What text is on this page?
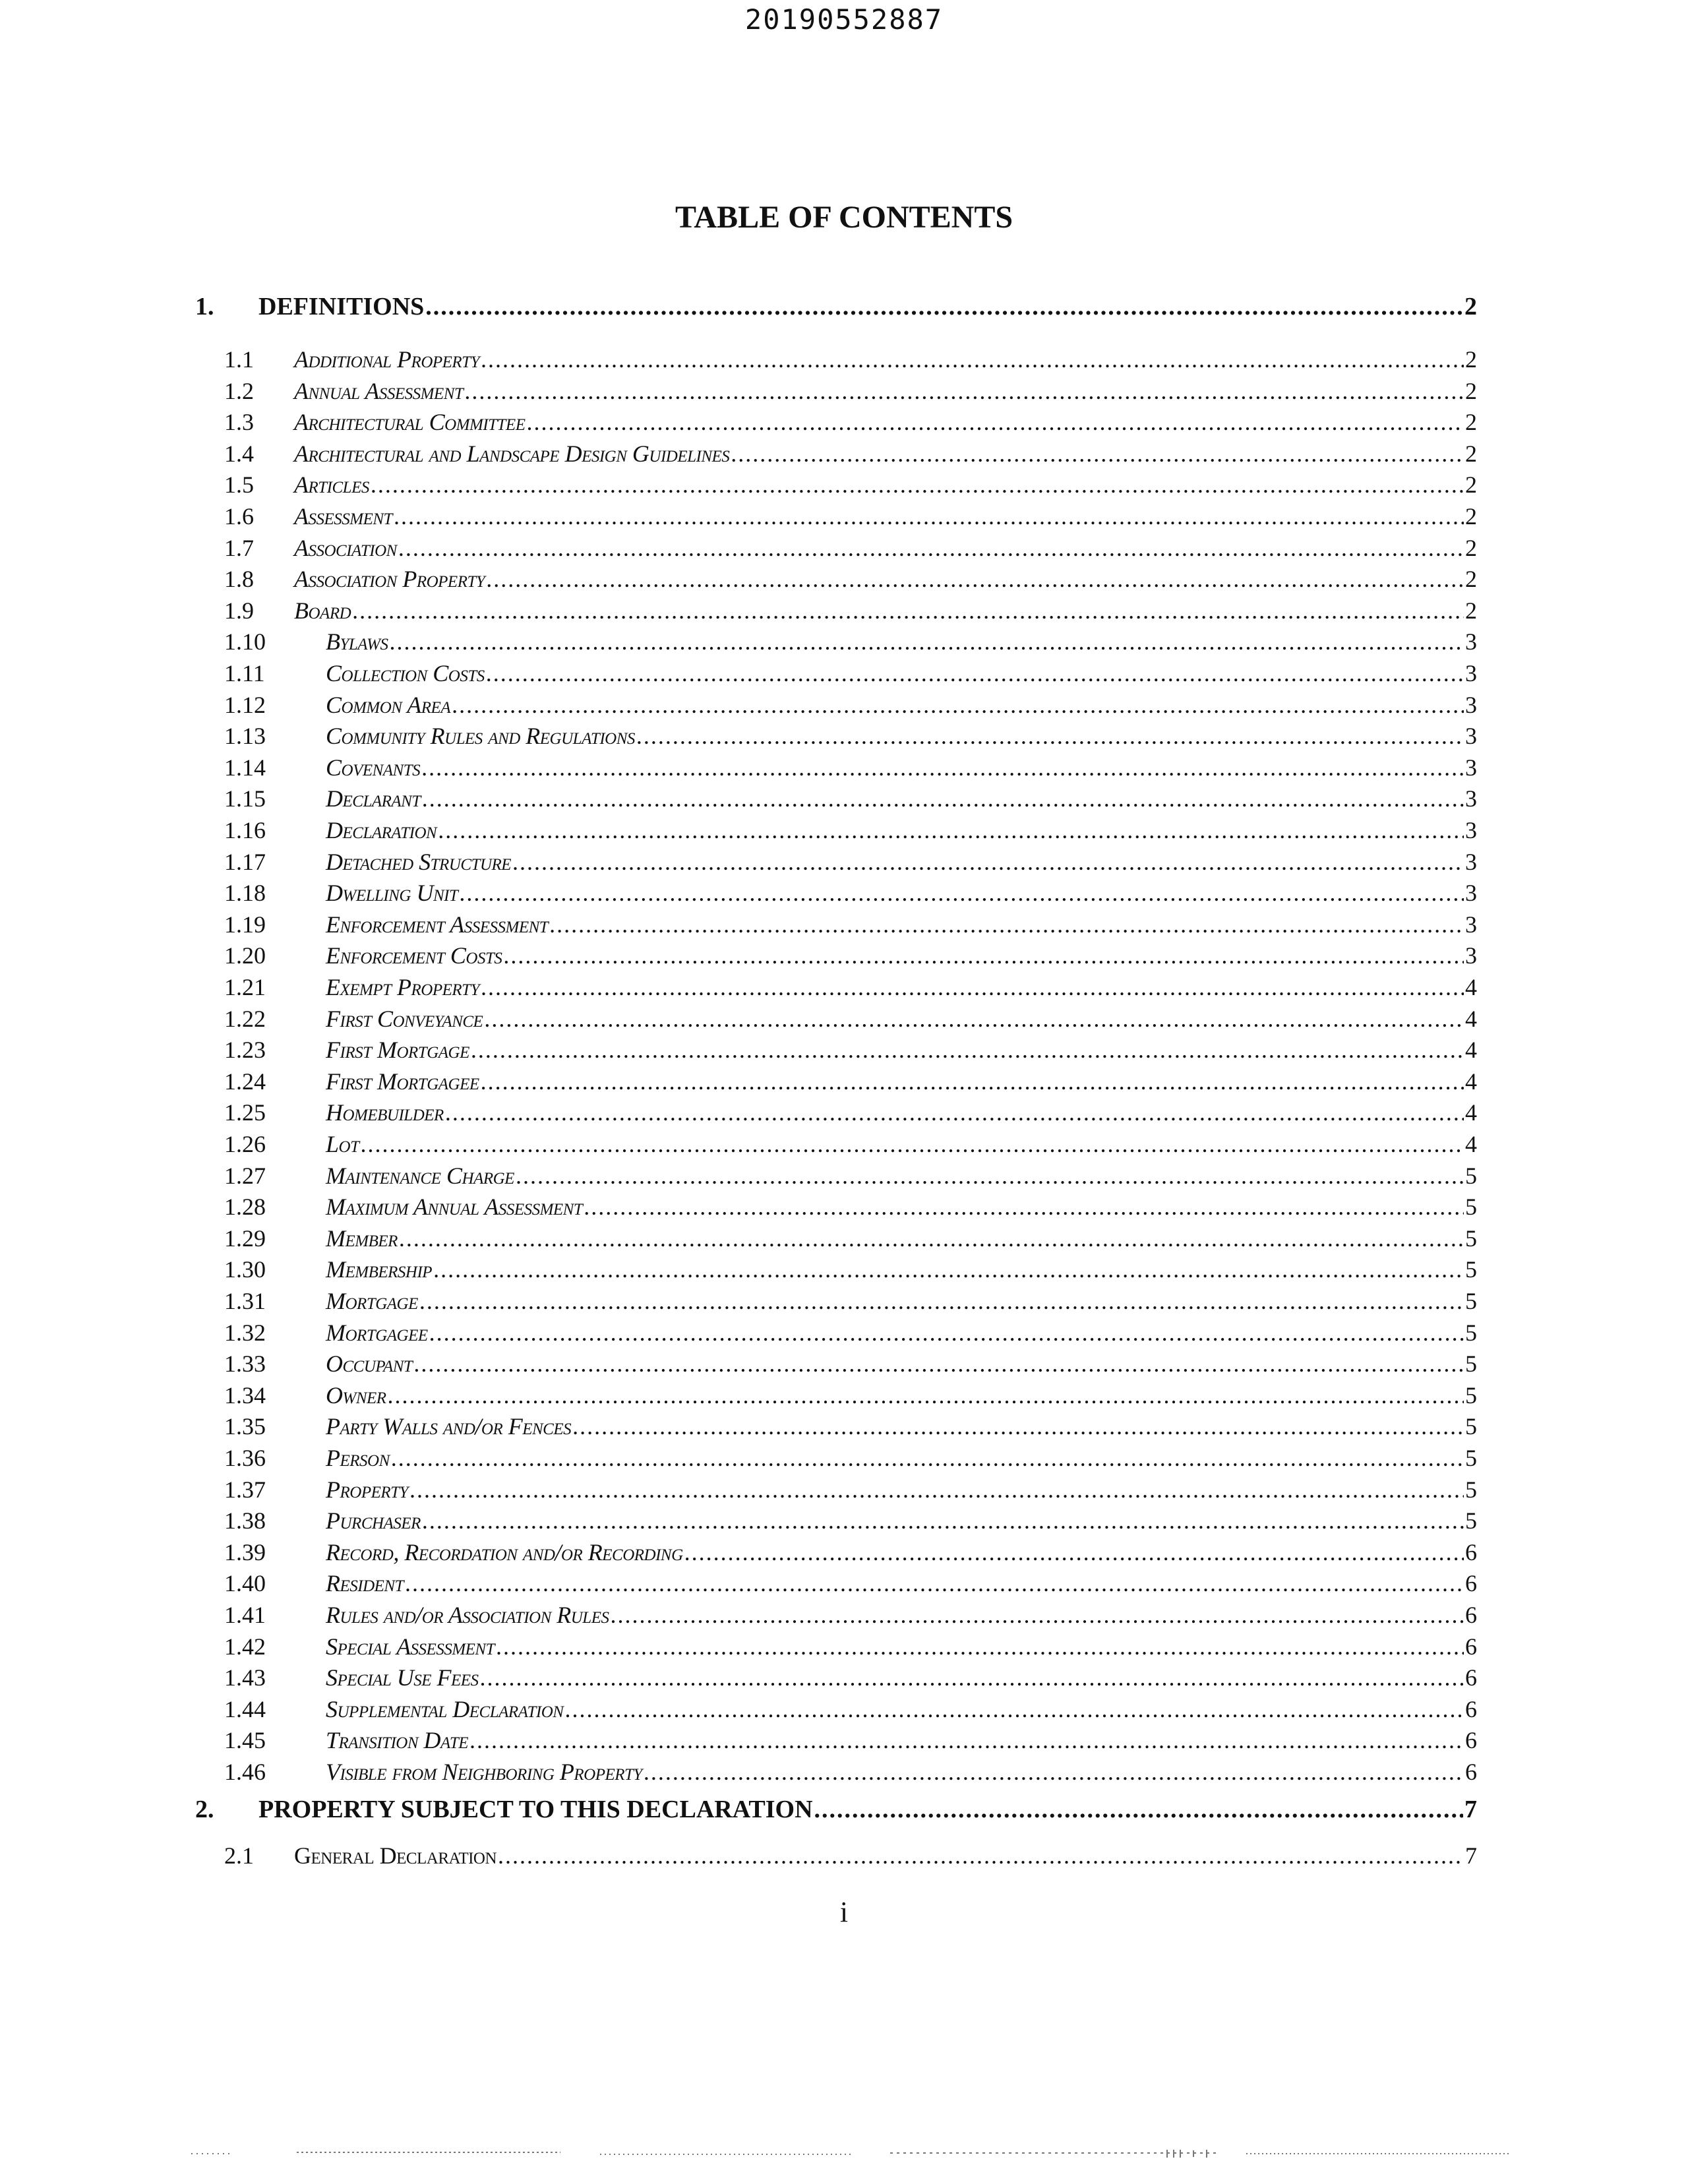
20190552887
TABLE OF CONTENTS
1.	DEFINITIONS .....	2
1.1	Additional Property .....	2
1.2	Annual Assessment .....	2
1.3	Architectural Committee .....	2
1.4	Architectural and Landscape Design Guidelines .....	2
1.5	Articles .....	2
1.6	Assessment .....	2
1.7	Association .....	2
1.8	Association Property .....	2
1.9	Board .....	2
1.10	Bylaws .....	3
1.11	Collection Costs .....	3
1.12	Common Area .....	3
1.13	Community Rules and Regulations .....	3
1.14	Covenants .....	3
1.15	Declarant .....	3
1.16	Declaration .....	3
1.17	Detached Structure .....	3
1.18	Dwelling Unit .....	3
1.19	Enforcement Assessment .....	3
1.20	Enforcement Costs .....	3
1.21	Exempt Property .....	4
1.22	First Conveyance .....	4
1.23	First Mortgage .....	4
1.24	First Mortgagee .....	4
1.25	Homebuilder .....	4
1.26	Lot .....	4
1.27	Maintenance Charge .....	5
1.28	Maximum Annual Assessment .....	5
1.29	Member .....	5
1.30	Membership .....	5
1.31	Mortgage .....	5
1.32	Mortgagee .....	5
1.33	Occupant .....	5
1.34	Owner .....	5
1.35	Party Walls and/or Fences .....	5
1.36	Person .....	5
1.37	Property .....	5
1.38	Purchaser .....	5
1.39	Record, Recordation and/or Recording .....	6
1.40	Resident .....	6
1.41	Rules and/or Association Rules .....	6
1.42	Special Assessment .....	6
1.43	Special Use Fees .....	6
1.44	Supplemental Declaration .....	6
1.45	Transition Date .....	6
1.46	Visible from Neighboring Property .....	6
2.	PROPERTY SUBJECT TO THIS DECLARATION .....	7
2.1	General Declaration .....	7
i
